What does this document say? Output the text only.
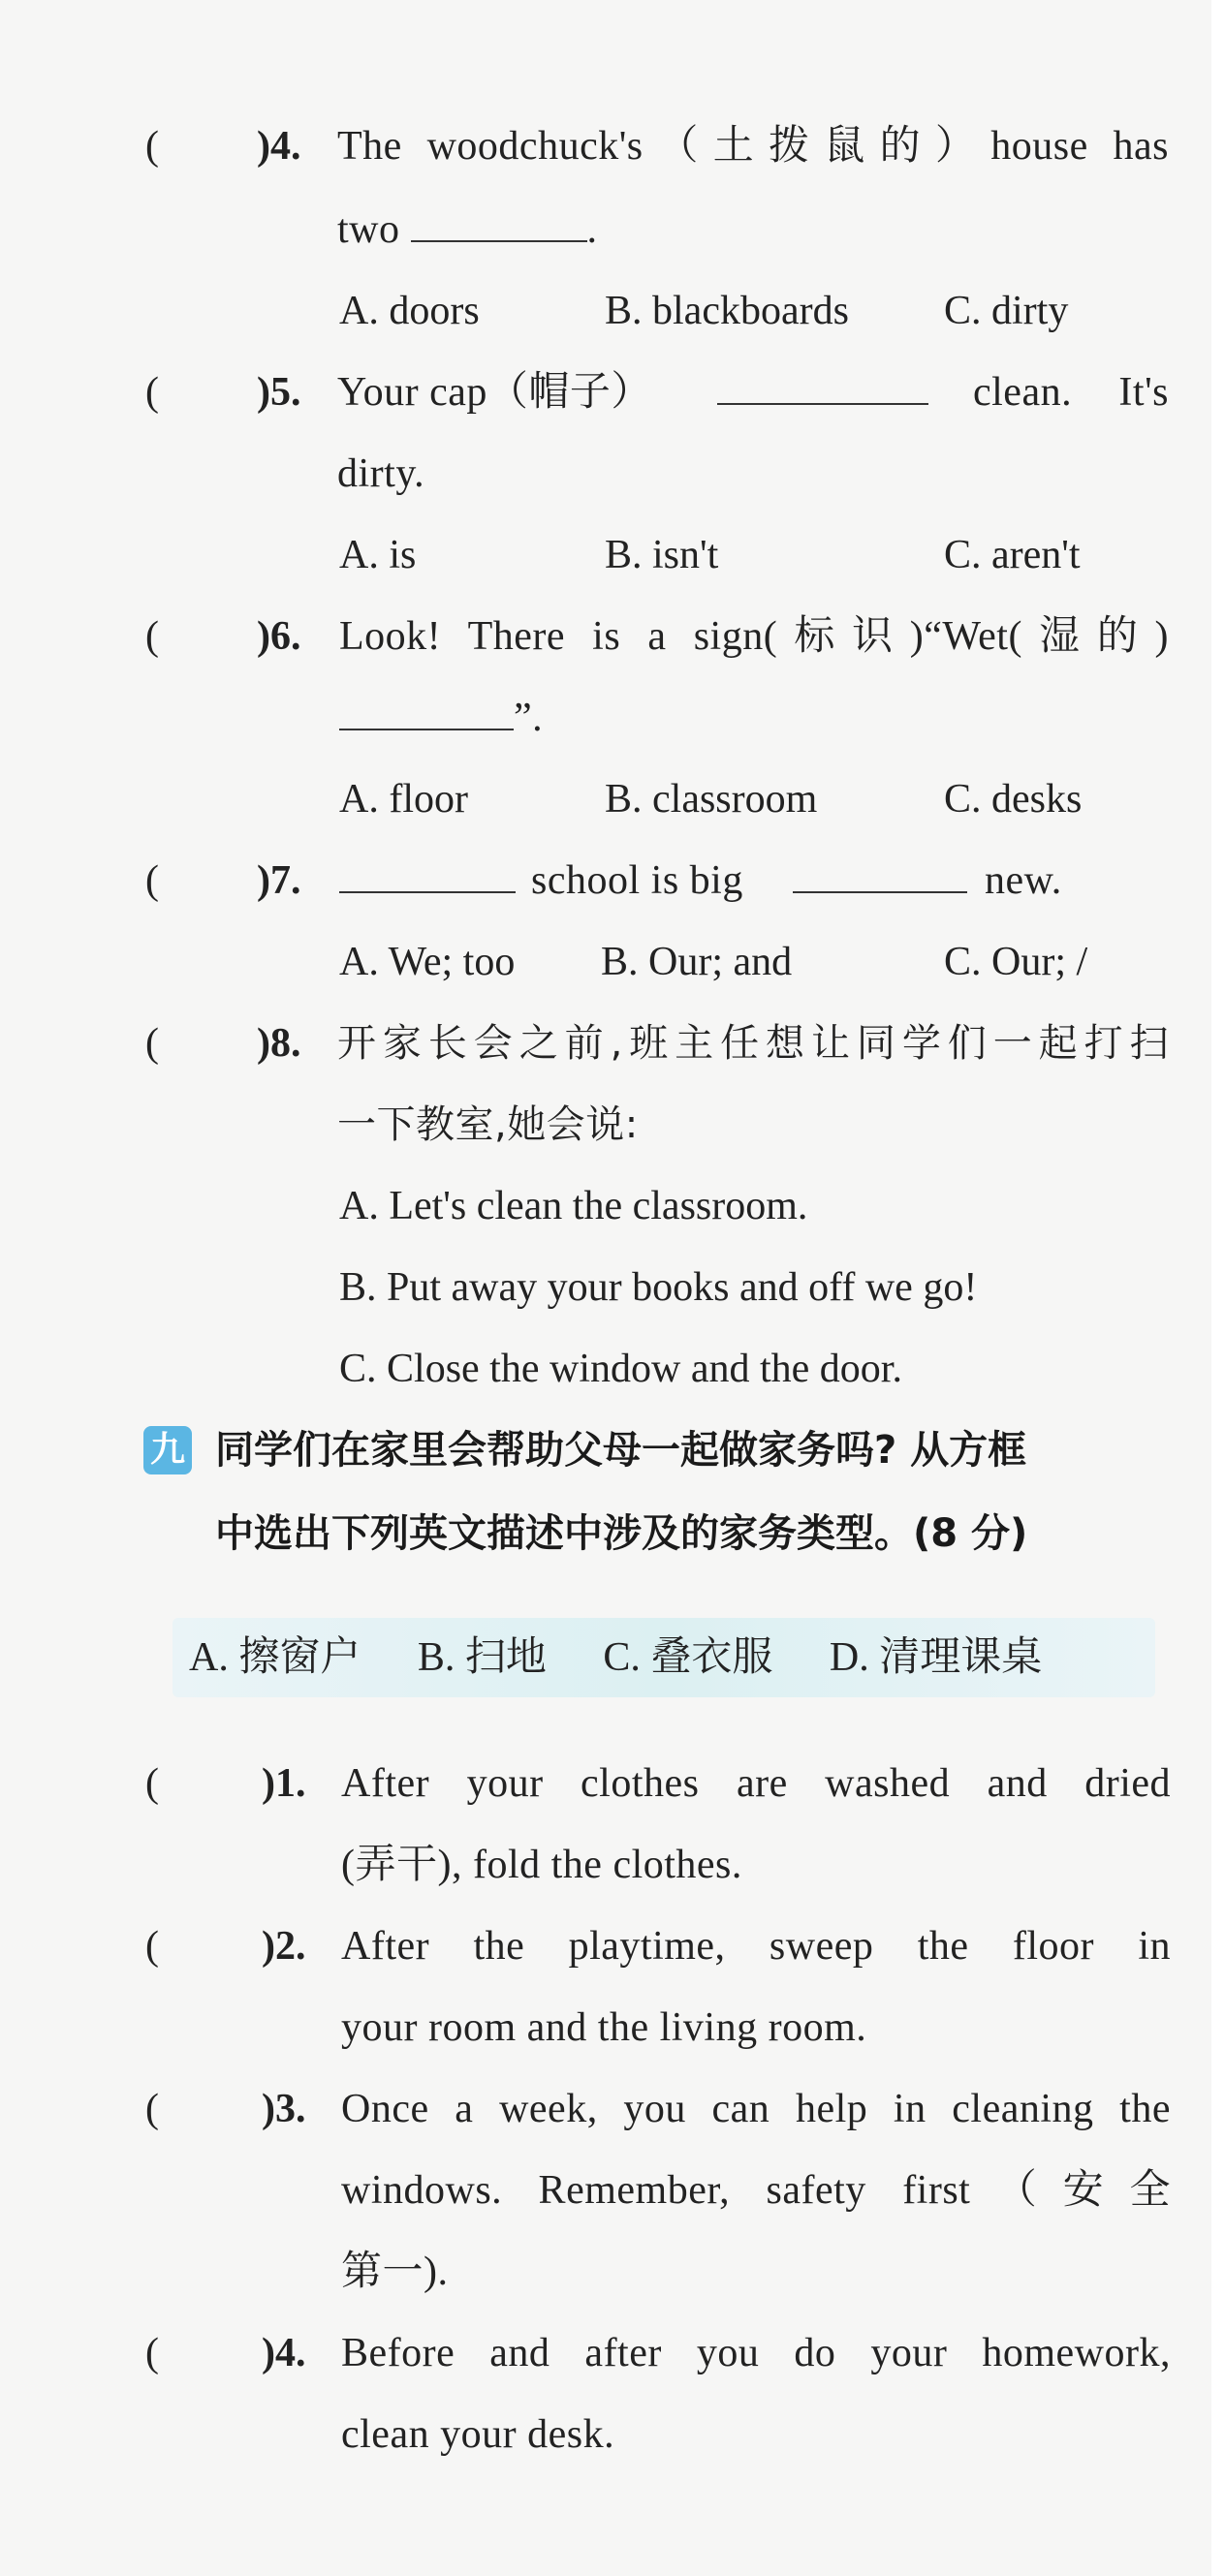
(	)4. The woodchuck's（土拨鼠的）house has
two	.
A. doors	B. blackboards C. dirty
(	)5. Your cap（帽子）	clean. It's
dirty.
A. is	B. isn't	C. aren't
(	)6. Look! There is a sign(标识)“Wet(湿的)
”.
A. floor	B. classroom	C. desks
(	)7.	school is big	new.
A. We; too B. Our; and	C. Our; /
(	)8. 开家长会之前,班主任想让同学们一起打扫
一下教室,她会说:
A. Let's clean the classroom.
B. Put away your books and off we go!
C. Close the window and the door.
九 同学们在家里会帮助父母一起做家务吗? 从方框
中选出下列英文描述中涉及的家务类型。(8 分)
A. 擦窗户 B. 扫地 C. 叠衣服 D. 清理课桌
(	)1. After your clothes are washed and dried
(弄干), fold the clothes.
(	)2. After the playtime, sweep the floor in
your room and the living room.
(	)3. Once a week, you can help in cleaning the
windows. Remember, safety first（安全
第一).
(	)4. Before and after you do your homework,
clean your desk.
